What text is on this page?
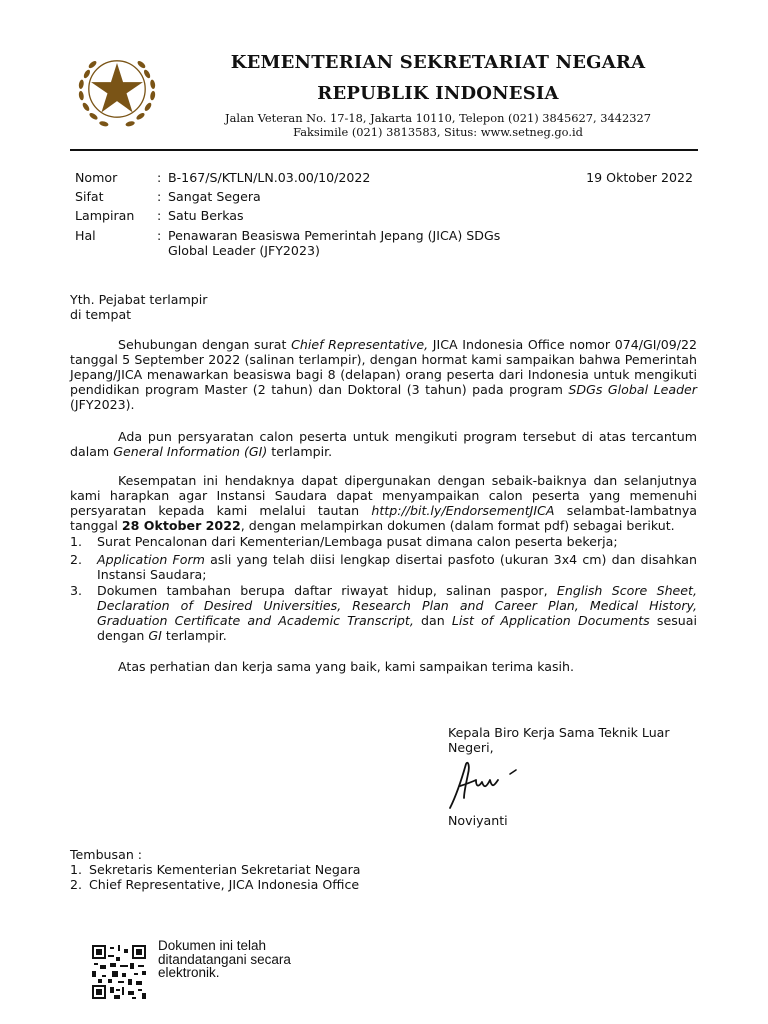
KEMENTERIAN SEKRETARIAT NEGARA
REPUBLIK INDONESIA
Jalan Veteran No. 17-18, Jakarta 10110, Telepon (021) 3845627, 3442327
Faksimile (021) 3813583, Situs: www.setneg.go.id
Nomor	: B-167/S/KTLN/LN.03.00/10/2022	19 Oktober 2022
Sifat	: Sangat Segera
Lampiran	: Satu Berkas
Hal	: Penawaran Beasiswa Pemerintah Jepang (JICA) SDGs Global Leader (JFY2023)
Yth. Pejabat terlampir
di tempat
Sehubungan dengan surat Chief Representative, JICA Indonesia Office nomor 074/GI/09/22 tanggal 5 September 2022 (salinan terlampir), dengan hormat kami sampaikan bahwa Pemerintah Jepang/JICA menawarkan beasiswa bagi 8 (delapan) orang peserta dari Indonesia untuk mengikuti pendidikan program Master (2 tahun) dan Doktoral (3 tahun) pada program SDGs Global Leader (JFY2023).
Ada pun persyaratan calon peserta untuk mengikuti program tersebut di atas tercantum dalam General Information (GI) terlampir.
Kesempatan ini hendaknya dapat dipergunakan dengan sebaik-baiknya dan selanjutnya kami harapkan agar Instansi Saudara dapat menyampaikan calon peserta yang memenuhi persyaratan kepada kami melalui tautan http://bit.ly/EndorsementJICA selambat-lambatnya tanggal 28 Oktober 2022, dengan melampirkan dokumen (dalam format pdf) sebagai berikut.
1. Surat Pencalonan dari Kementerian/Lembaga pusat dimana calon peserta bekerja;
2. Application Form asli yang telah diisi lengkap disertai pasfoto (ukuran 3x4 cm) dan disahkan Instansi Saudara;
3. Dokumen tambahan berupa daftar riwayat hidup, salinan paspor, English Score Sheet, Declaration of Desired Universities, Research Plan and Career Plan, Medical History, Graduation Certificate and Academic Transcript, dan List of Application Documents sesuai dengan GI terlampir.
Atas perhatian dan kerja sama yang baik, kami sampaikan terima kasih.
Kepala Biro Kerja Sama Teknik Luar Negeri,
Noviyanti
Tembusan :
1. Sekretaris Kementerian Sekretariat Negara
2. Chief Representative, JICA Indonesia Office
Dokumen ini telah
ditandatangani secara
elektronik.
